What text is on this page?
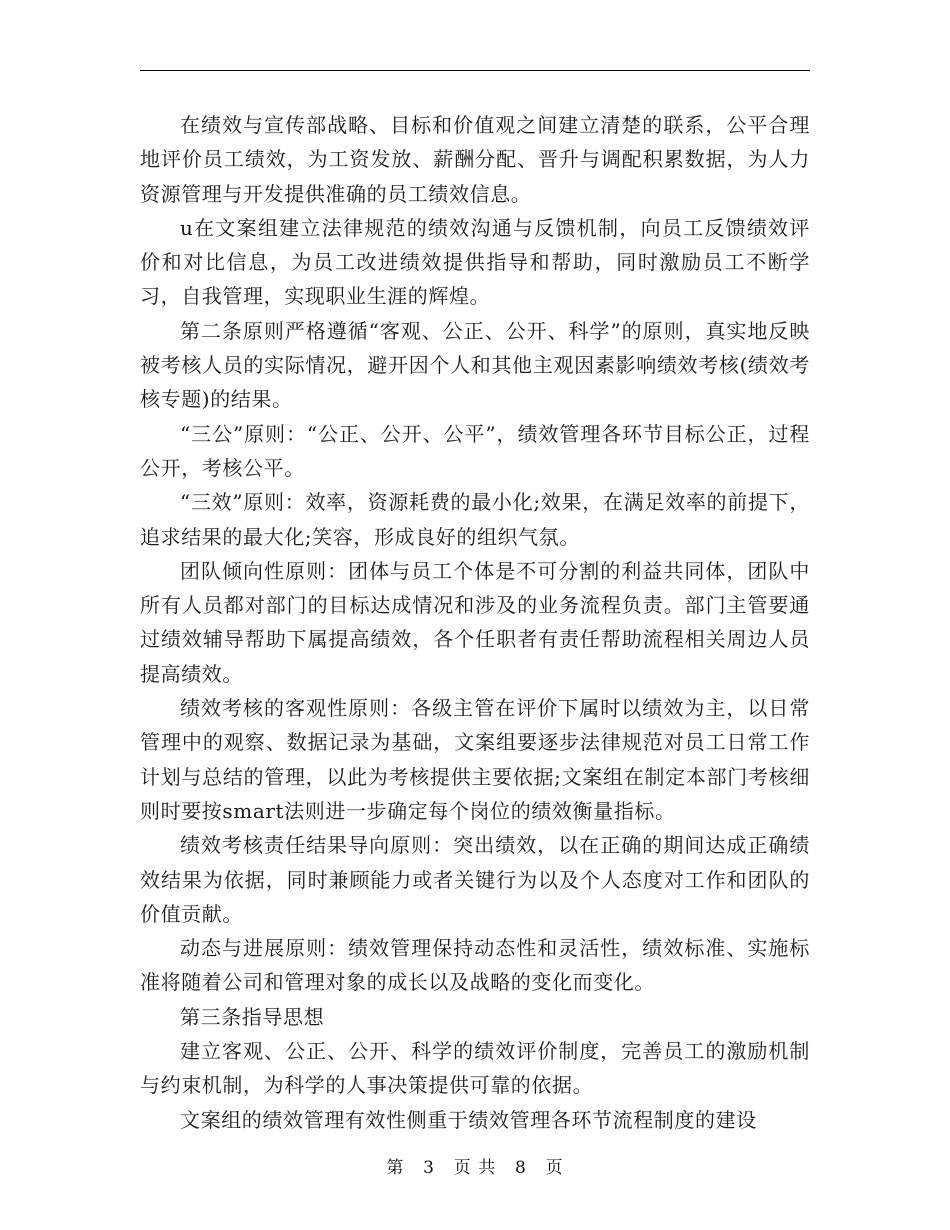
在绩效与宣传部战略、目标和价值观之间建立清楚的联系，公平合理地评价员工绩效，为工资发放、薪酬分配、晋升与调配积累数据，为人力资源管理与开发提供准确的员工绩效信息。

u在文案组建立法律规范的绩效沟通与反馈机制，向员工反馈绩效评价和对比信息，为员工改进绩效提供指导和帮助，同时激励员工不断学习，自我管理，实现职业生涯的辉煌。

第二条原则严格遵循“客观、公正、公开、科学”的原则，真实地反映被考核人员的实际情况，避开因个人和其他主观因素影响绩效考核(绩效考核专题)的结果。

“三公”原则：“公正、公开、公平”，绩效管理各环节目标公正，过程公开，考核公平。

“三效”原则：效率，资源耗费的最小化;效果，在满足效率的前提下，追求结果的最大化;笑容，形成良好的组织气氛。

团队倾向性原则：团体与员工个体是不可分割的利益共同体，团队中所有人员都对部门的目标达成情况和涉及的业务流程负责。部门主管要通过绩效辅导帮助下属提高绩效，各个任职者有责任帮助流程相关周边人员提高绩效。

绩效考核的客观性原则：各级主管在评价下属时以绩效为主，以日常管理中的观察、数据记录为基础，文案组要逐步法律规范对员工日常工作计划与总结的管理，以此为考核提供主要依据;文案组在制定本部门考核细则时要按smart法则进一步确定每个岗位的绩效衡量指标。

绩效考核责任结果导向原则：突出绩效，以在正确的期间达成正确绩效结果为依据，同时兼顾能力或者关键行为以及个人态度对工作和团队的价值贡献。

动态与进展原则：绩效管理保持动态性和灵活性，绩效标准、实施标准将随着公司和管理对象的成长以及战略的变化而变化。

第三条指导思想

建立客观、公正、公开、科学的绩效评价制度，完善员工的激励机制与约束机制，为科学的人事决策提供可靠的依据。

文案组的绩效管理有效性侧重于绩效管理各环节流程制度的建设

第 3 页 共 8 页
